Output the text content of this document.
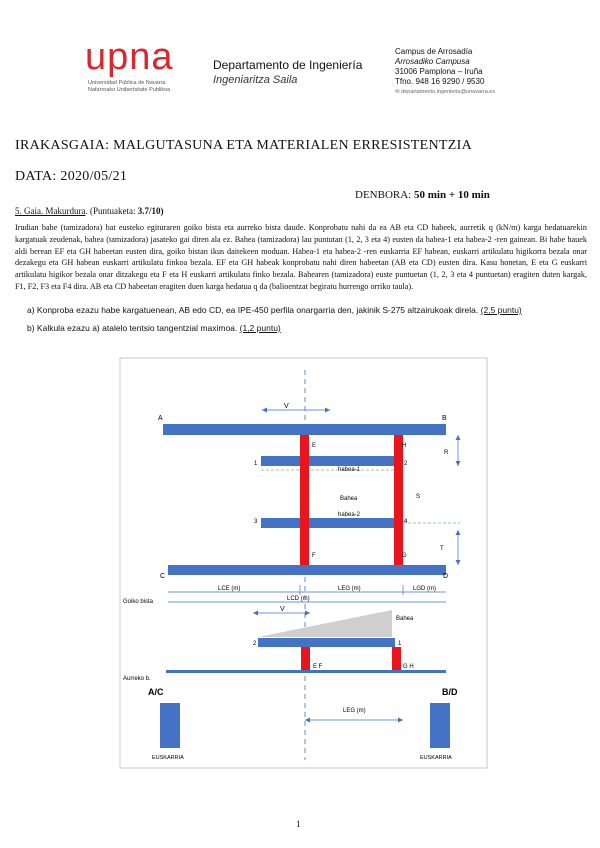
upna
Universidad Pública de Navarra
Nafarroako Unibertsitate Publikoa
Departamento de Ingeniería
Ingeniaritza Saila
Campus de Arrosadía
Arrosadiko Campusa
31006 Pamplona – Iruña
Tfno. 948 16 9290 / 9530
✉ departamento.ingenieria@unavarra.es
IRAKASGAIA: MALGUTASUNA ETA MATERIALEN ERRESISTENTZIA
DATA: 2020/05/21
DENBORA: 50 min + 10 min
5. Gaia. Makurdura. (Puntuaketa: 3.7/10)
Irudian bahe (tamizadora) bat eusteko egituraren goiko bista eta aurreko bista daude. Konprobatu nahi da ea AB eta CD habeek, aurretik q (kN/m) karga hedatuarekin kargatuak zeudenak, bahea (tamizadora) jasateko gai diren ala ez. Bahea (tamizadora) lau puntutan (1, 2, 3 eta 4) eusten da habea-1 eta habea-2 -ren gainean. Bi habe hauek aldi berean EF eta GH habeetan eusten dira, goiko bistan ikus daitekeen moduan. Habea-1 eta habea-2 -ren euskarria EF habean, euskarri artikulatu higikorra bezala onar dezakegu eta GH habean euskarri artikulatu finkoa bezala. EF eta GH habeak konprobatu nahi diren habeetan (AB eta CD) eusten dira. Kasu honetan, E eta G euskarri artikulatu higikor bezala onar ditzakegu eta F eta H euskarri artikulatu finko bezala. Bahearen (tamizadora) euste puntuetan (1, 2, 3 eta 4 puntuetan) eragiten duten kargak, F1, F2, F3 eta F4 dira. AB eta CD habeetan eragiten duen karga hedatua q da (balioentzat begiratu hurrengo orriko taula).
a) Konproba ezazu habe kargatuenean, AB edo CD, ea IPE-450 perfila onargarria den, jakinik S-275 altzairukoak direla. (2,5 puntu)
b) Kalkula ezazu a) atalelo tentsio tangentzial maximoa. (1,2 puntu)
V
A	B
1	2
habea-1
3	4
habea-2
Bahea
C	D
E
F
H
G
R
S
T
LCE (m)	LEG (m)	LGD (m)
LCD (m)
Goiko bista
V
Bahea
2	1
E F	G H
Aurreko b.
A/C	B/D
LEG (m)
EUSKARRIA	EUSKARRIA
1
